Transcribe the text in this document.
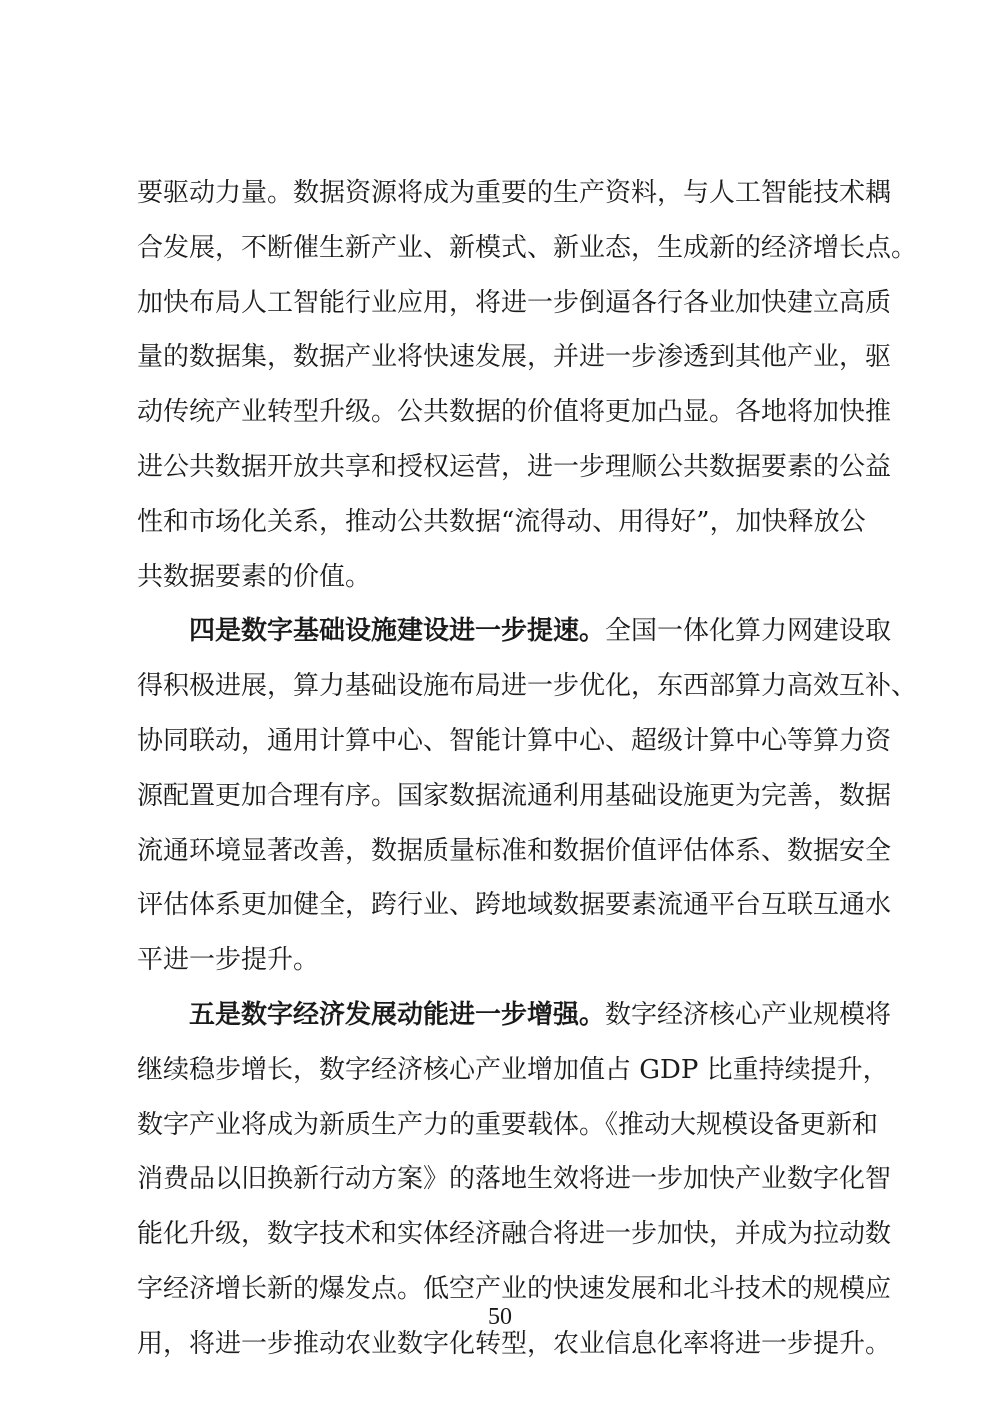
要驱动力量。数据资源将成为重要的生产资料，与人工智能技术耦
合发展，不断催生新产业、新模式、新业态，生成新的经济增长点。
加快布局人工智能行业应用，将进一步倒逼各行各业加快建立高质
量的数据集，数据产业将快速发展，并进一步渗透到其他产业，驱
动传统产业转型升级。公共数据的价值将更加凸显。各地将加快推
进公共数据开放共享和授权运营，进一步理顺公共数据要素的公益
性和市场化关系，推动公共数据“流得动、用得好”，加快释放公
共数据要素的价值。
四是数字基础设施建设进一步提速。 全国一体化算力网建设取
得积极进展，算力基础设施布局进一步优化，东西部算力高效互补、
协同联动，通用计算中心、智能计算中心、超级计算中心等算力资
源配置更加合理有序。国家数据流通利用基础设施更为完善，数据
流通环境显著改善，数据质量标准和数据价值评估体系、数据安全
评估体系更加健全，跨行业、跨地域数据要素流通平台互联互通水
平进一步提升。
五是数字经济发展动能进一步增强。 数字经济核心产业规模将
继续稳步增长，数字经济核心产业增加值占 GDP 比重持续提升，
数字产业将成为新质生产力的重要载体。《推动大规模设备更新和
消费品以旧换新行动方案》的落地生效将进一步加快产业数字化智
能化升级，数字技术和实体经济融合将进一步加快，并成为拉动数
字经济增长新的爆发点。低空产业的快速发展和北斗技术的规模应
用，将进一步推动农业数字化转型，农业信息化率将进一步提升。
50
